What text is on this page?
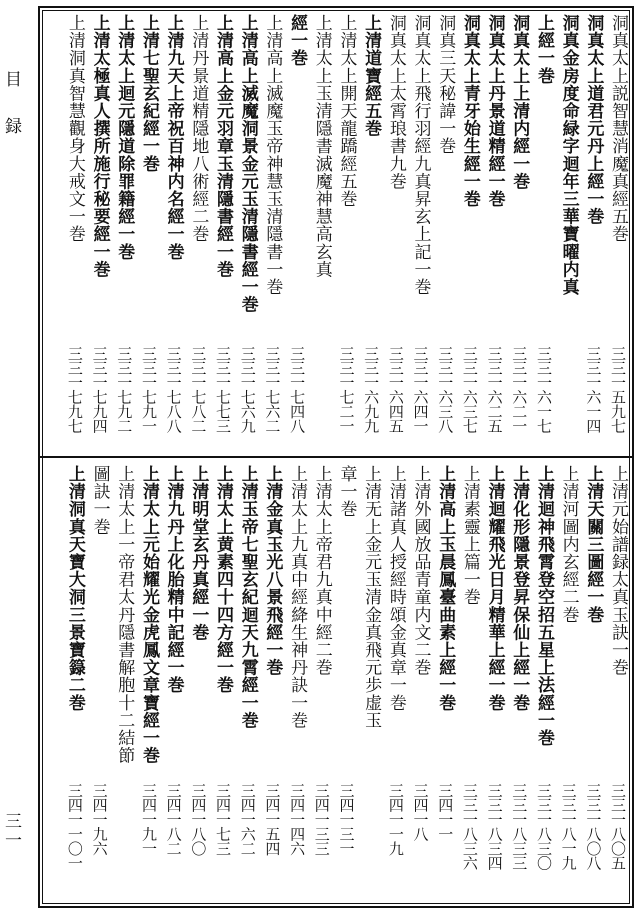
目録
三一
洞真太上説智慧消魔真經五巻
三三一五九七
洞真太上道君元丹上經一巻
三三一六一四
洞真金房度命緑字迴年三華寶曜内真
上經一巻
三三一六一七
洞真太上上清内經一巻
三三一六二一
洞真太上丹景道精經一巻
三三一六二五
洞真太上青牙始生經一巻
三三一六三七
洞真三天秘諱一巻
三三一六三八
洞真太上飛行羽經九真昇玄上記一巻
三三一六四一
洞真太上太霄琅書九巻
三三一六四五
上清道寶經五巻
三三一六九九
上清太上開天龍蹻經五巻
三三一七二一
上清太上玉清隱書滅魔神慧高玄真
經一巻
三三一七四八
上清高上滅魔玉帝神慧玉清隱書一巻
三三一七六二
上清高上滅魔洞景金元玉清隱書經一巻
三三一七六九
上清高上金元羽章玉清隱書經一巻
三三一七七三
上清丹景道精隱地八術經二巻
三三一七八二
上清九天上帝祝百神内名經一巻
三三一七八八
上清七聖玄紀經一巻
三三一七九一
上清太上迴元隱道除罪籍經一巻
三三一七九二
上清太極真人撰所施行秘要經一巻
三三一七九四
上清洞真智慧觀身大戒文一巻
三三一七九七
上清元始譜録太真玉訣一巻
三三一八〇五
上清天關三圖經一巻
三三一八〇八
上清河圖内玄經二巻
三三一八一九
上清迴神飛霄登空招五星上法經一巻
三三一八三〇
上清化形隱景登昇保仙上經一巻
三三一八三三
上清迴耀飛光日月精華上經一巻
三三一八三四
上清素靈上篇一巻
三三一八三六
上清高上玉晨鳳臺曲素上經一巻
三四一一
上清外國放品青童内文二巻
三四一八
上清諸真人授經時頌金真章一巻
三四一一九
上清无上金元玉清金真飛元歩虚玉
章一巻
三四一三一
上清太上帝君九真中經二巻
三四一三三
上清太上九真中經絳生神丹訣一巻
三四一四六
上清金真玉光八景飛經一巻
三四一五四
上清玉帝七聖玄紀迴天九霄經一巻
三四一六二
上清太上黄素四十四方經一巻
三四一七三
上清明堂玄丹真經一巻
三四一八〇
上清九丹上化胎精中記經一巻
三四一八二
上清太上元始耀光金虎鳳文章寶經一巻
三四一九一
上清太上一帝君太丹隱書解胞十二結節
圖訣一巻
三四一九六
上清洞真天寶大洞三景寶籙二巻
三四一一〇一
